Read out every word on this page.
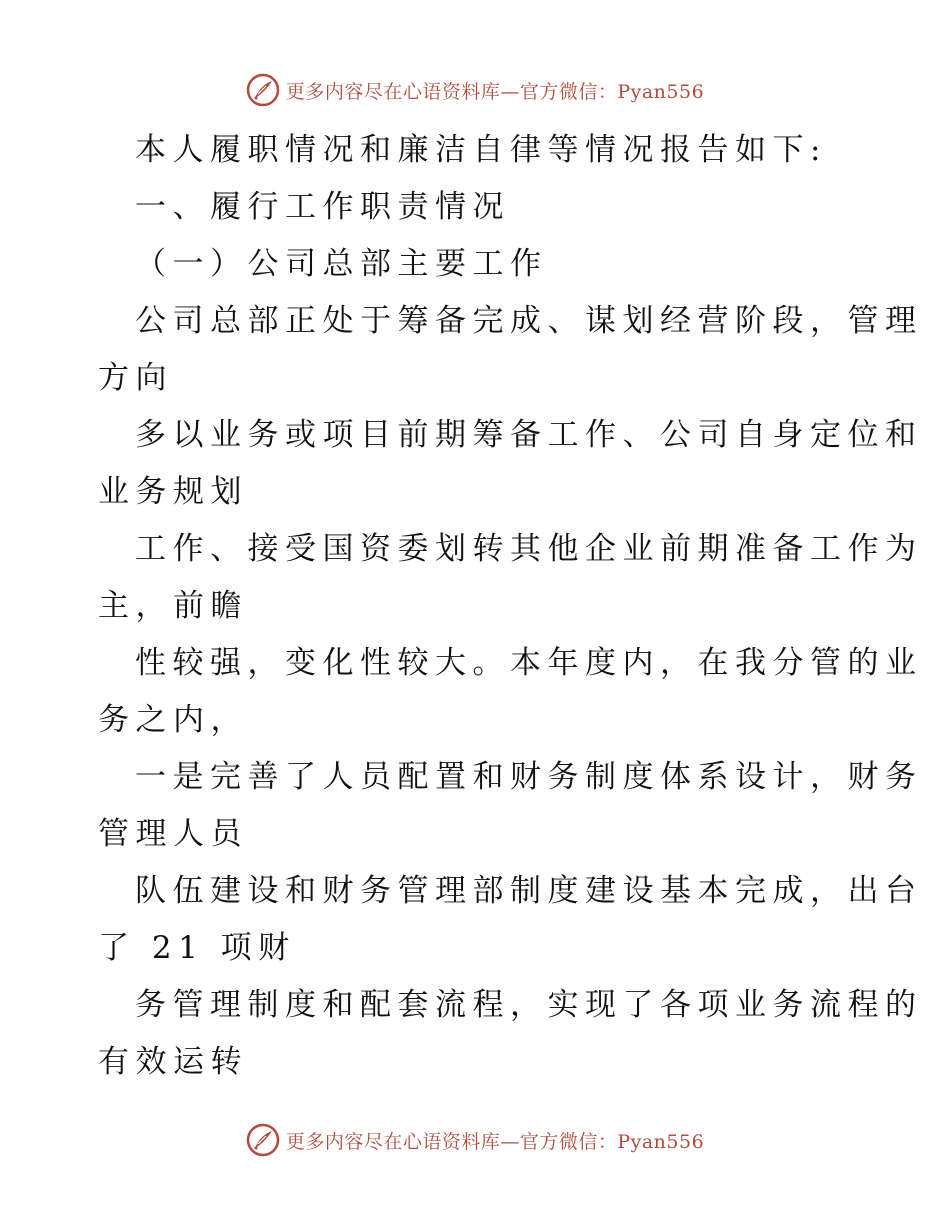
更多内容尽在心语资料库—官方微信：Pyan556

本人履职情况和廉洁自律等情况报告如下:

一、履行工作职责情况

（一）公司总部主要工作

公司总部正处于筹备完成、谋划经营阶段，管理

方向

多以业务或项目前期筹备工作、公司自身定位和

业务规划

工作、接受国资委划转其他企业前期准备工作为

主，前瞻

性较强，变化性较大。本年度内，在我分管的业

务之内，

一是完善了人员配置和财务制度体系设计，财务

管理人员

队伍建设和财务管理部制度建设基本完成，出台

了 21 项财

务管理制度和配套流程，实现了各项业务流程的

有效运转

更多内容尽在心语资料库—官方微信：Pyan556
